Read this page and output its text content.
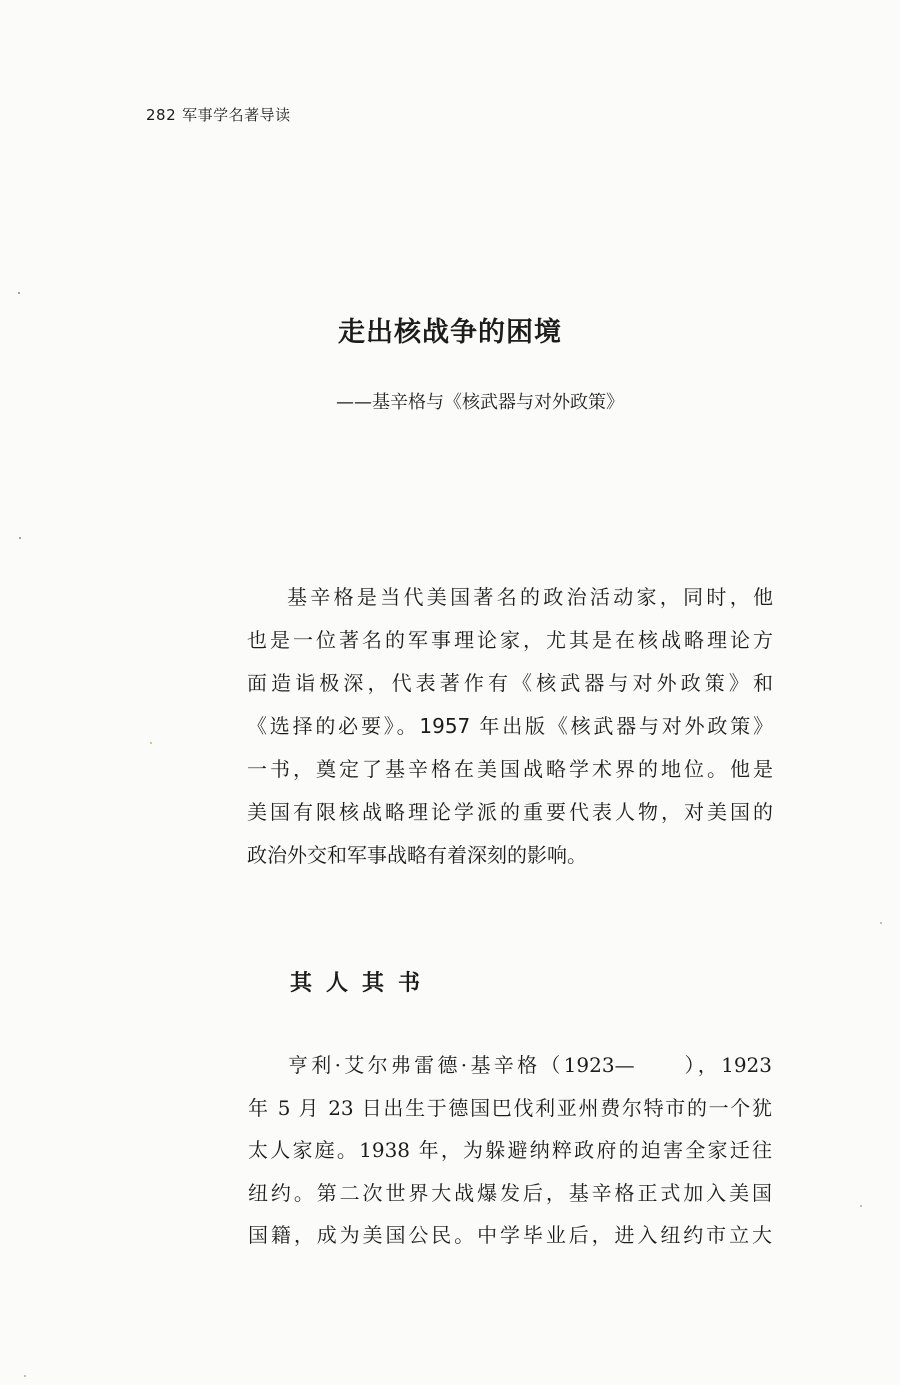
282 军事学名著导读
走出核战争的困境
——基辛格与《核武器与对外政策》
基辛格是当代美国著名的政治活动家，同时，他
也是一位著名的军事理论家，尤其是在核战略理论方
面造诣极深，代表著作有《核武器与对外政策》和
《选择的必要》。1957 年出版《核武器与对外政策》
一书，奠定了基辛格在美国战略学术界的地位。他是
美国有限核战略理论学派的重要代表人物，对美国的
政治外交和军事战略有着深刻的影响。
其人其书
亨利·艾尔弗雷德·基辛格（1923—　　），1923
年 5 月 23 日出生于德国巴伐利亚州费尔特市的一个犹
太人家庭。1938 年，为躲避纳粹政府的迫害全家迁往
纽约。第二次世界大战爆发后，基辛格正式加入美国
国籍，成为美国公民。中学毕业后，进入纽约市立大
